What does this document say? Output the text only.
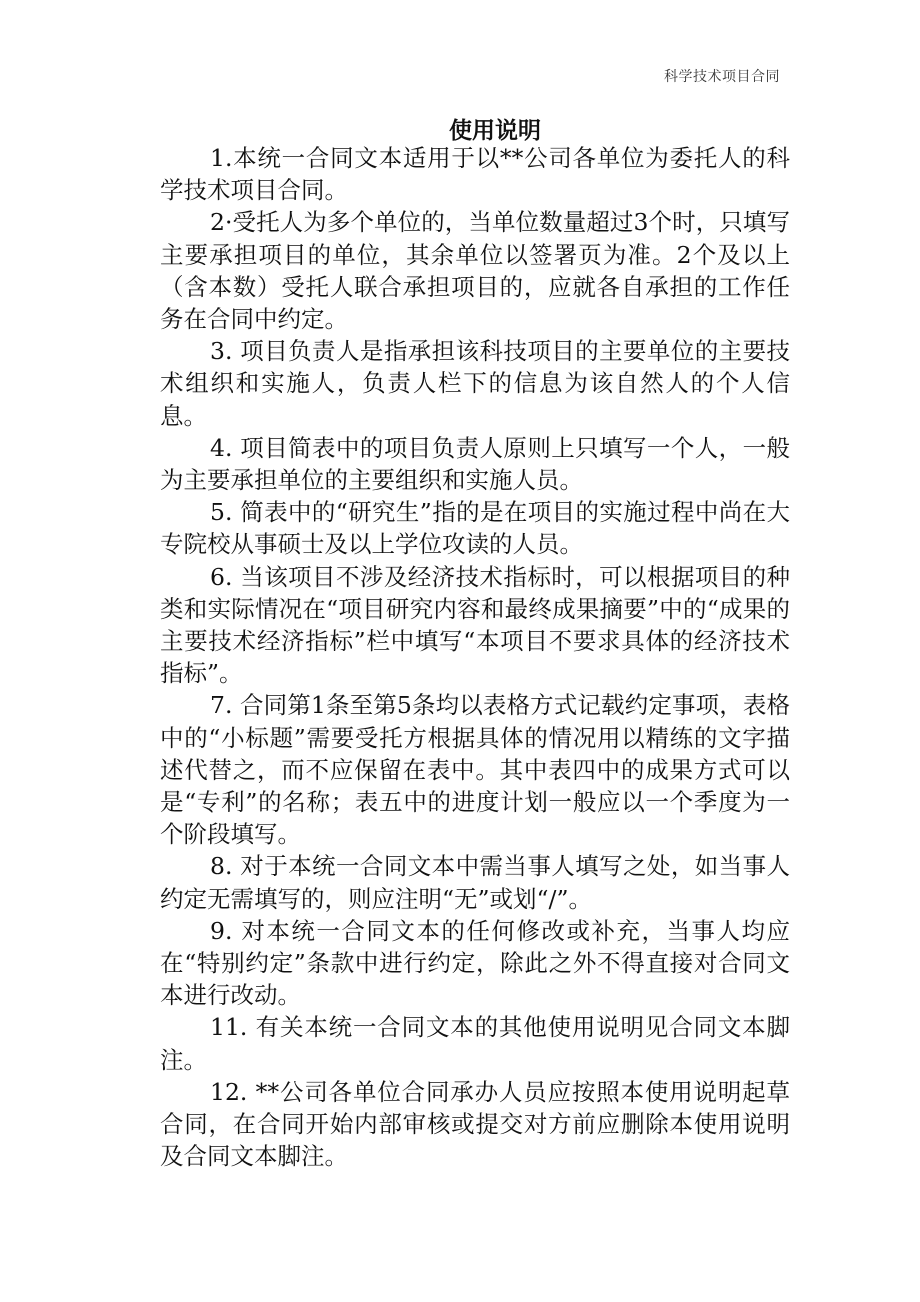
科学技术项目合同
使用说明

1.本统一合同文本适用于以**公司各单位为委托人的科学技术项目合同。

2·受托人为多个单位的，当单位数量超过3个时，只填写主要承担项目的单位，其余单位以签署页为准。2个及以上（含本数）受托人联合承担项目的，应就各自承担的工作任务在合同中约定。

3. 项目负责人是指承担该科技项目的主要单位的主要技术组织和实施人，负责人栏下的信息为该自然人的个人信息。

4. 项目简表中的项目负责人原则上只填写一个人，一般为主要承担单位的主要组织和实施人员。

5. 简表中的“研究生”指的是在项目的实施过程中尚在大专院校从事硕士及以上学位攻读的人员。

6. 当该项目不涉及经济技术指标时，可以根据项目的种类和实际情况在“项目研究内容和最终成果摘要”中的“成果的主要技术经济指标”栏中填写“本项目不要求具体的经济技术指标”。

7. 合同第1条至第5条均以表格方式记载约定事项，表格中的“小标题”需要受托方根据具体的情况用以精练的文字描述代替之，而不应保留在表中。其中表四中的成果方式可以是“专利”的名称；表五中的进度计划一般应以一个季度为一个阶段填写。

8. 对于本统一合同文本中需当事人填写之处，如当事人约定无需填写的，则应注明“无”或划“/”。

9. 对本统一合同文本的任何修改或补充，当事人均应在“特别约定”条款中进行约定，除此之外不得直接对合同文本进行改动。

11. 有关本统一合同文本的其他使用说明见合同文本脚注。

12. **公司各单位合同承办人员应按照本使用说明起草合同，在合同开始内部审核或提交对方前应删除本使用说明及合同文本脚注。
